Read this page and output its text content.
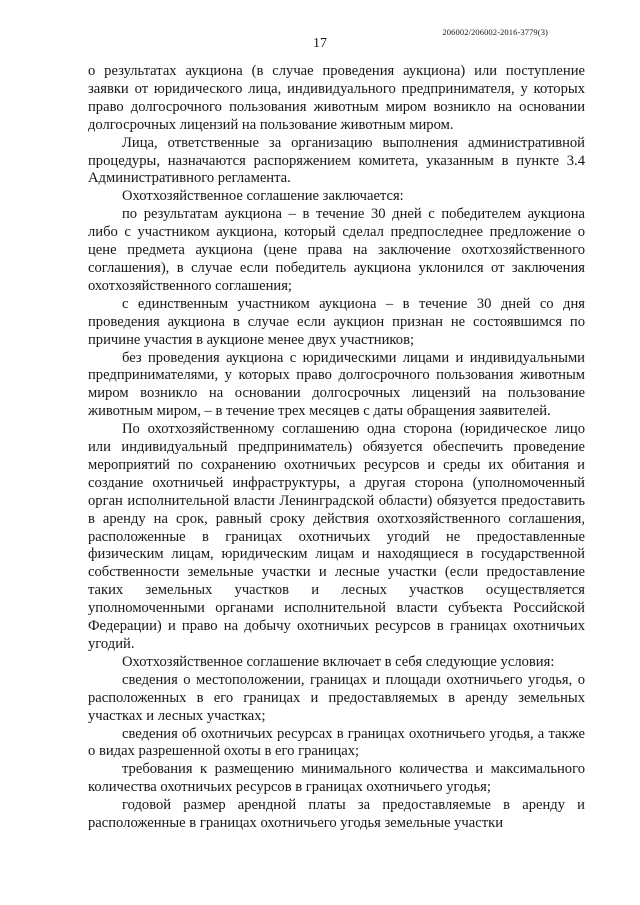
206002/206002-2016-3779(3)
17

о результатах аукциона (в случае проведения аукциона) или поступление заявки от юридического лица, индивидуального предпринимателя, у которых право долгосрочного пользования животным миром возникло на основании долгосрочных лицензий на пользование животным миром.

Лица, ответственные за организацию выполнения административной процедуры, назначаются распоряжением комитета, указанным в пункте 3.4 Административного регламента.

Охотхозяйственное соглашение заключается:

по результатам аукциона – в течение 30 дней с победителем аукциона либо с участником аукциона, который сделал предпоследнее предложение о цене предмета аукциона (цене права на заключение охотхозяйственного соглашения), в случае если победитель аукциона уклонился от заключения охотхозяйственного соглашения;

с единственным участником аукциона – в течение 30 дней со дня проведения аукциона в случае если аукцион признан не состоявшимся по причине участия в аукционе менее двух участников;

без проведения аукциона с юридическими лицами и индивидуальными предпринимателями, у которых право долгосрочного пользования животным миром возникло на основании долгосрочных лицензий на пользование животным миром, – в течение трех месяцев с даты обращения заявителей.

По охотхозяйственному соглашению одна сторона (юридическое лицо или индивидуальный предприниматель) обязуется обеспечить проведение мероприятий по сохранению охотничьих ресурсов и среды их обитания и создание охотничьей инфраструктуры, а другая сторона (уполномоченный орган исполнительной власти Ленинградской области) обязуется предоставить в аренду на срок, равный сроку действия охотхозяйственного соглашения, расположенные в границах охотничьих угодий не предоставленные физическим лицам, юридическим лицам и находящиеся в государственной собственности земельные участки и лесные участки (если предоставление таких земельных участков и лесных участков осуществляется уполномоченными органами исполнительной власти субъекта Российской Федерации) и право на добычу охотничьих ресурсов в границах охотничьих угодий.

Охотхозяйственное соглашение включает в себя следующие условия:

сведения о местоположении, границах и площади охотничьего угодья, о расположенных в его границах и предоставляемых в аренду земельных участках и лесных участках;

сведения об охотничьих ресурсах в границах охотничьего угодья, а также о видах разрешенной охоты в его границах;

требования к размещению минимального количества и максимального количества охотничьих ресурсов в границах охотничьего угодья;

годовой размер арендной платы за предоставляемые в аренду и расположенные в границах охотничьего угодья земельные участки
